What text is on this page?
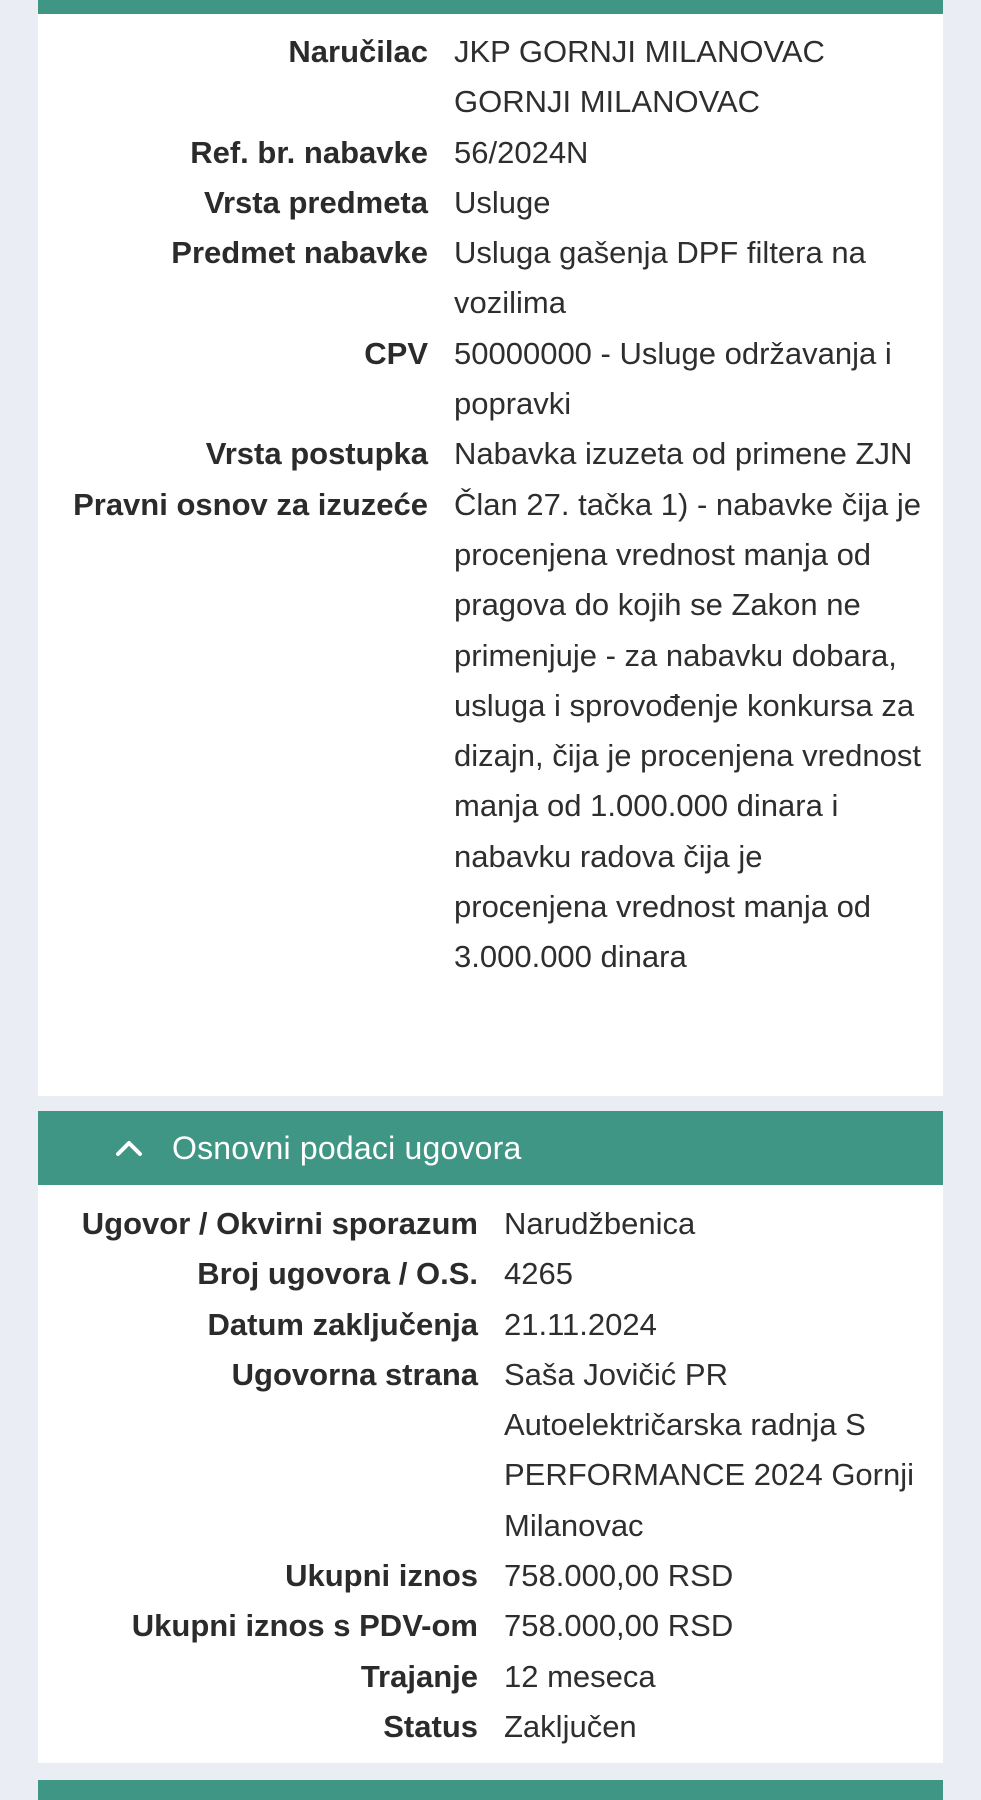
Naručilac	JKP GORNJI MILANOVAC GORNJI MILANOVAC
Ref. br. nabavke	56/2024N
Vrsta predmeta	Usluge
Predmet nabavke	Usluga gašenja DPF filtera na vozilima
CPV	50000000 - Usluge održavanja i popravki
Vrsta postupka	Nabavka izuzeta od primene ZJN
Pravni osnov za izuzeće	Član 27. tačka 1) - nabavke čija je procenjena vrednost manja od pragova do kojih se Zakon ne primenjuje - za nabavku dobara, usluga i sprovođenje konkursa za dizajn, čija je procenjena vrednost manja od 1.000.000 dinara i nabavku radova čija je procenjena vrednost manja od 3.000.000 dinara
Osnovni podaci ugovora
Ugovor / Okvirni sporazum	Narudžbenica
Broj ugovora / O.S.	4265
Datum zaključenja	21.11.2024
Ugovorna strana	Saša Jovičić PR Autoelektričarska radnja S PERFORMANCE 2024 Gornji Milanovac
Ukupni iznos	758.000,00 RSD
Ukupni iznos s PDV-om	758.000,00 RSD
Trajanje	12 meseca
Status	Zaključen
